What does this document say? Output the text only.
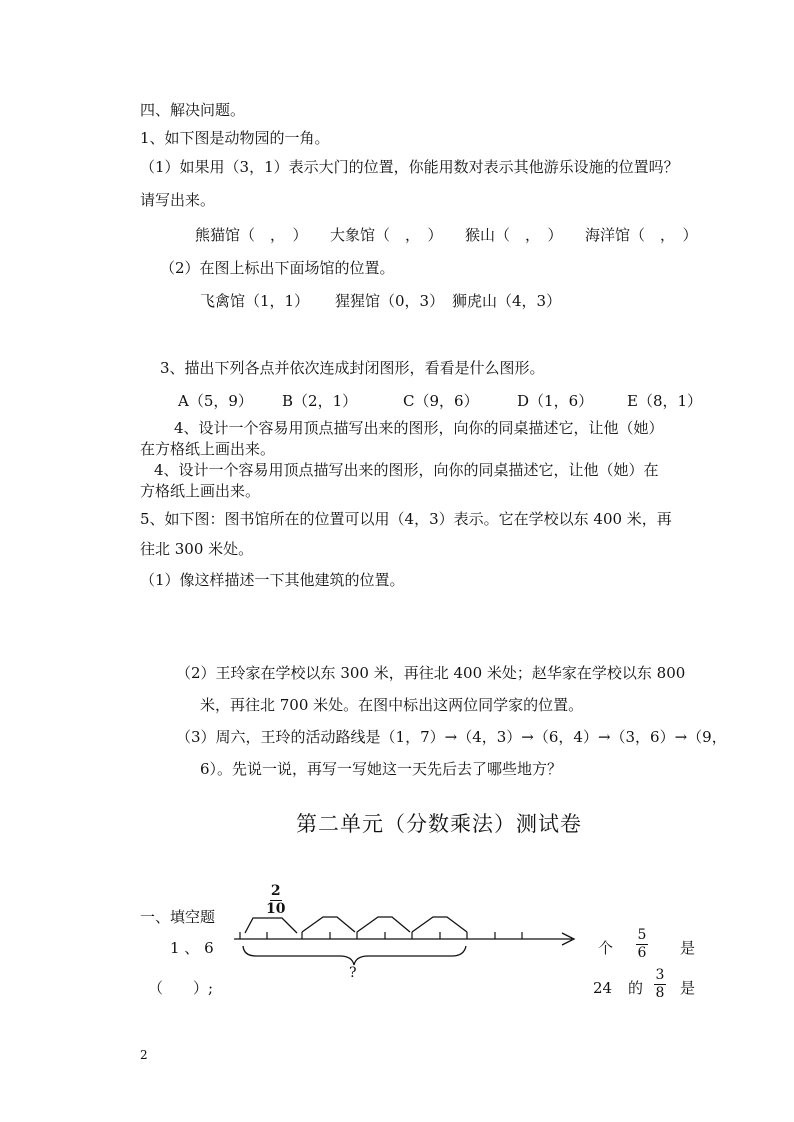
四、解决问题。
1、如下图是动物园的一角。
（1）如果用（3，1）表示大门的位置，你能用数对表示其他游乐设施的位置吗？
请写出来。
熊猫馆（　，　） 大象馆（　，　） 猴山（　，　） 海洋馆（　，　）
（2）在图上标出下面场馆的位置。
飞禽馆（1，1） 猩猩馆（0，3） 狮虎山（4，3）
3、描出下列各点并依次连成封闭图形，看看是什么图形。
A（5，9） B（2，1）	C（9，6）	D（1，6） E（8，1）
4、设计一个容易用顶点描写出来的图形，向你的同桌描述它，让他（她）
在方格纸上画出来。
4、设计一个容易用顶点描写出来的图形，向你的同桌描述它，让他（她）在
方格纸上画出来。
5、如下图：图书馆所在的位置可以用（4，3）表示。它在学校以东 400 米，再
往北 300 米处。
（1）像这样描述一下其他建筑的位置。
（2）王玲家在学校以东 300 米，再往北 400 米处；赵华家在学校以东 800
米，再往北 700 米处。在图中标出这两位同学家的位置。
（3）周六，王玲的活动路线是（1，7）→（4，3）→（6，4）→（3，6）→（9，
6）。先说一说，再写一写她这一天先后去了哪些地方？
第二单元（分数乘法）测试卷
一、填空题
1 、 6
2
10
?
个
5
6 是
（　　）;	24 的
3
8 是
2
